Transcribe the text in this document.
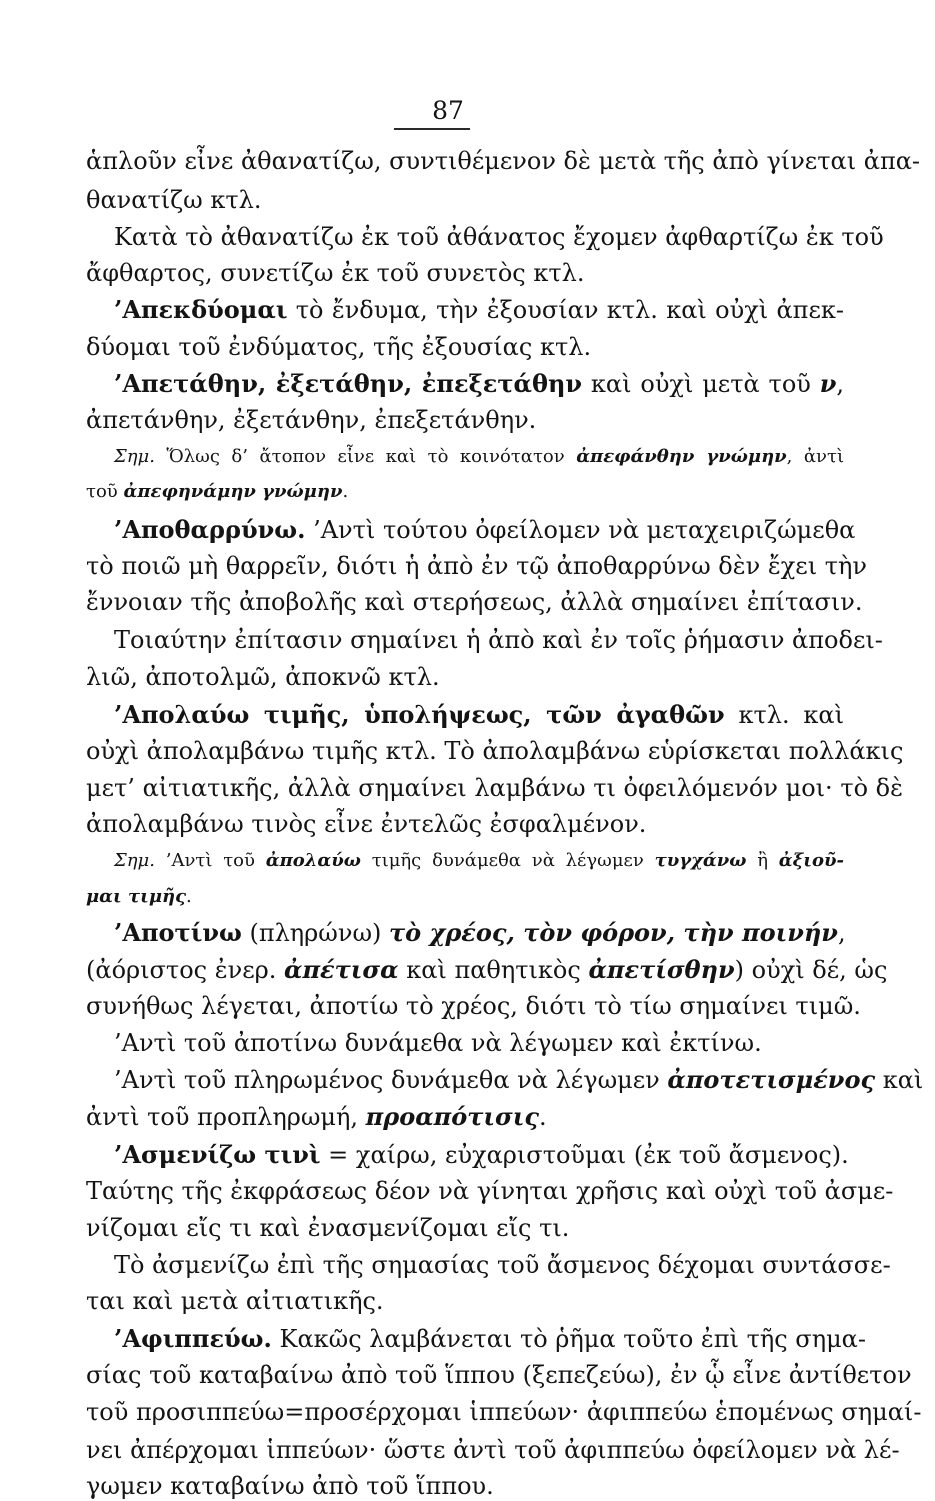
87
ἁπλοῦν εἶνε ἀθανατίζω, συντιθέμενον δὲ μετὰ τῆς ἀπὸ γίνεται ἀπα-
θανατίζω κτλ.
Κατὰ τὸ ἀθανατίζω ἐκ τοῦ ἀθάνατος ἔχομεν ἀφθαρτίζω ἐκ τοῦ
ἄφθαρτος, συνετίζω ἐκ τοῦ συνετὸς κτλ.
’Απεκδύομαι τὸ ἔνδυμα, τὴν ἐξουσίαν κτλ. καὶ οὐχὶ ἀπεκ-
δύομαι τοῦ ἐνδύματος, τῆς ἐξουσίας κτλ.
’Απετάθην, ἐξετάθην, ἐπεξετάθην καὶ οὐχὶ μετὰ τοῦ ν,
ἀπετάνθην, ἐξετάνθην, ἐπεξετάνθην.
Σημ. Ὅλως δ’ ἄτοπον εἶνε καὶ τὸ κοινότατον ἀπεφάνθην γνώμην, ἀντὶ
τοῦ ἀπεφηνάμην γνώμην.
’Αποθαρρύνω. ’Αντὶ τούτου ὀφείλομεν νὰ μεταχειριζώμεθα
τὸ ποιῶ μὴ θαρρεῖν, διότι ἡ ἀπὸ ἐν τῷ ἀποθαρρύνω δὲν ἔχει τὴν
ἔννοιαν τῆς ἀποβολῆς καὶ στερήσεως, ἀλλὰ σημαίνει ἐπίτασιν.
Τοιαύτην ἐπίτασιν σημαίνει ἡ ἀπὸ καὶ ἐν τοῖς ῥήμασιν ἀποδει-
λιῶ, ἀποτολμῶ, ἀποκνῶ κτλ.
’Απολαύω τιμῆς, ὑπολήψεως, τῶν ἀγαθῶν κτλ. καὶ
οὐχὶ ἀπολαμβάνω τιμῆς κτλ. Τὸ ἀπολαμβάνω εὑρίσκεται πολλάκις
μετ’ αἰτιατικῆς, ἀλλὰ σημαίνει λαμβάνω τι ὀφειλόμενόν μοι· τὸ δὲ
ἀπολαμβάνω τινὸς εἶνε ἐντελῶς ἐσφαλμένον.
Σημ. ’Αντὶ τοῦ ἀπολαύω τιμῆς δυνάμεθα νὰ λέγωμεν τυγχάνω ἢ ἀξιοῦ-
μαι τιμῆς.
’Αποτίνω (πληρώνω) τὸ χρέος, τὸν φόρον, τὴν ποινήν,
(ἀόριστος ἐνερ. ἀπέτισα καὶ παθητικὸς ἀπετίσθην) οὐχὶ δέ, ὡς
συνήθως λέγεται, ἀποτίω τὸ χρέος, διότι τὸ τίω σημαίνει τιμῶ.
’Αντὶ τοῦ ἀποτίνω δυνάμεθα νὰ λέγωμεν καὶ ἐκτίνω.
’Αντὶ τοῦ πληρωμένος δυνάμεθα νὰ λέγωμεν ἀποτετισμένος καὶ
ἀντὶ τοῦ προπληρωμή, προαπότισις.
’Ασμενίζω τινὶ = χαίρω, εὐχαριστοῦμαι (ἐκ τοῦ ἄσμενος).
Ταύτης τῆς ἐκφράσεως δέον νὰ γίνηται χρῆσις καὶ οὐχὶ τοῦ ἀσμε-
νίζομαι εἴς τι καὶ ἐνασμενίζομαι εἴς τι.
Τὸ ἀσμενίζω ἐπὶ τῆς σημασίας τοῦ ἄσμενος δέχομαι συντάσσε-
ται καὶ μετὰ αἰτιατικῆς.
’Αφιππεύω. Κακῶς λαμβάνεται τὸ ῥῆμα τοῦτο ἐπὶ τῆς σημα-
σίας τοῦ καταβαίνω ἀπὸ τοῦ ἵππου (ξεπεζεύω), ἐν ᾧ εἶνε ἀντίθετον
τοῦ προσιππεύω=προσέρχομαι ἱππεύων· ἀφιππεύω ἑπομένως σημαί-
νει ἀπέρχομαι ἱππεύων· ὥστε ἀντὶ τοῦ ἀφιππεύω ὀφείλομεν νὰ λέ-
γωμεν καταβαίνω ἀπὸ τοῦ ἵππου.
